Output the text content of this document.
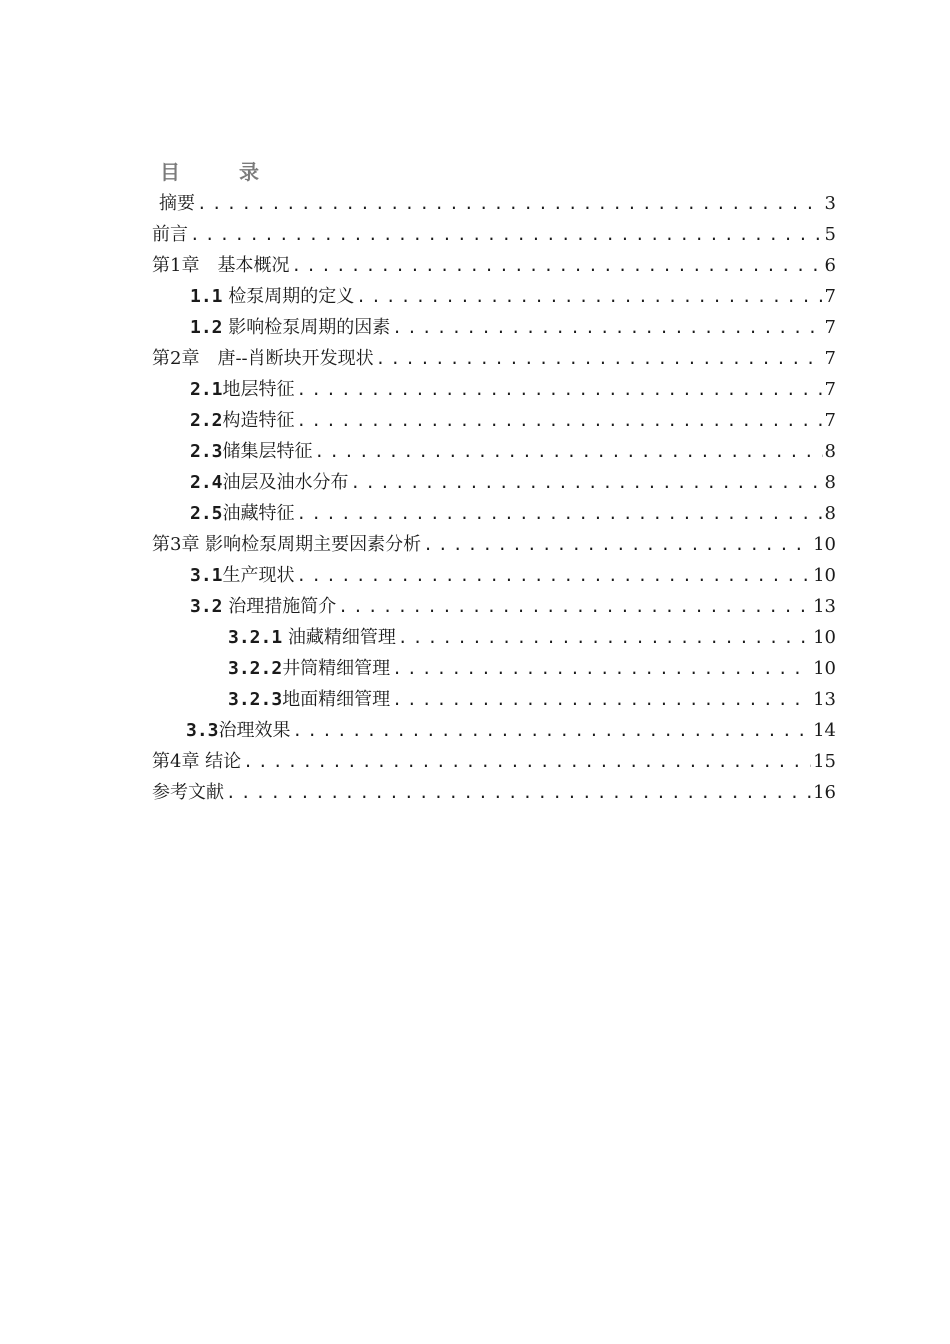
目 录
摘要 .....	3
前言 .....	5
第1章　基本概况 .....	6
1.1 检泵周期的定义 .....	7
1.2 影响检泵周期的因素 .....	7
第2章　唐--肖断块开发现状 .....	7
2.1地层特征 .....	7
2.2构造特征 .....	7
2.3储集层特征 .....	8
2.4油层及油水分布 .....	8
2.5油藏特征 .....	8
第3章 影响检泵周期主要因素分析 .....	10
3.1生产现状 .....	10
3.2 治理措施简介 .....	13
3.2.1 油藏精细管理 .....	10
3.2.2井筒精细管理 .....	10
3.2.3地面精细管理 .....	13
3.3治理效果 .....	14
第4章 结论 .....	15
参考文献 .....	16
